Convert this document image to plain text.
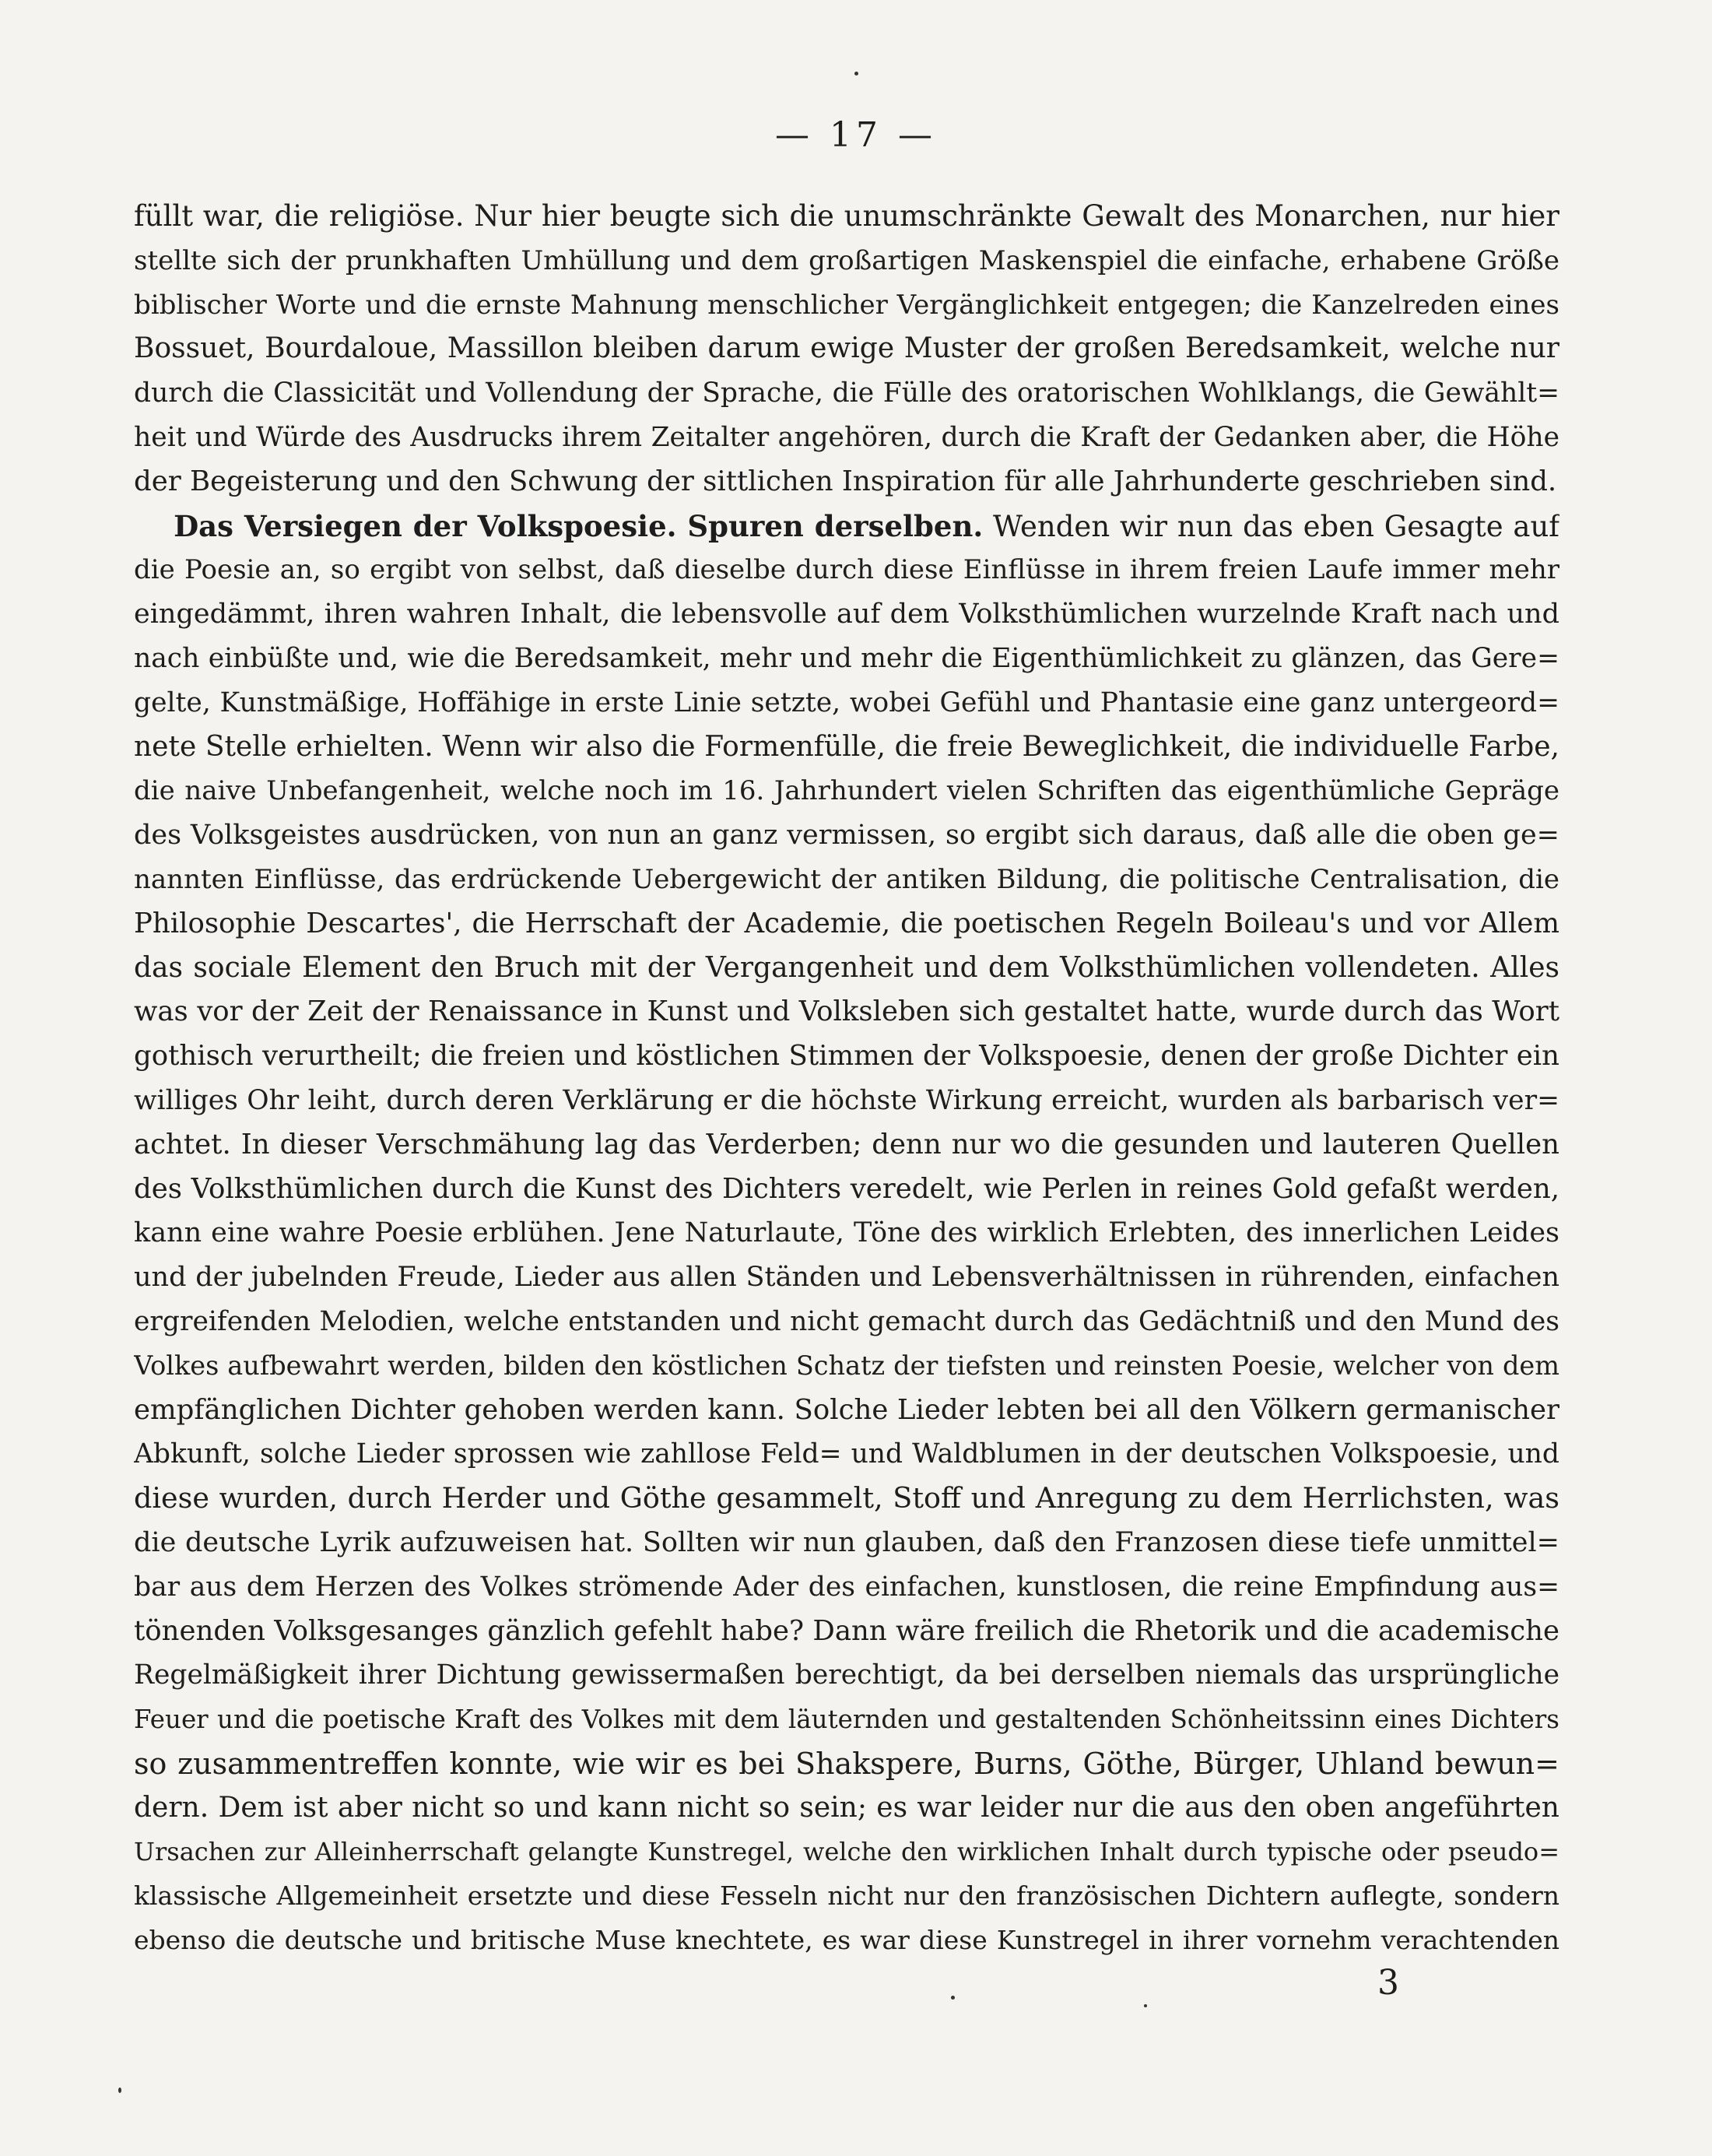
— 17 —
füllt war, die religiöse. Nur hier beugte sich die unumschränkte Gewalt des Monarchen, nur hier
stellte sich der prunkhaften Umhüllung und dem großartigen Maskenspiel die einfache, erhabene Größe
biblischer Worte und die ernste Mahnung menschlicher Vergänglichkeit entgegen; die Kanzelreden eines
Bossuet, Bourdaloue, Massillon bleiben darum ewige Muster der großen Beredsamkeit, welche nur
durch die Classicität und Vollendung der Sprache, die Fülle des oratorischen Wohlklangs, die Gewählt=
heit und Würde des Ausdrucks ihrem Zeitalter angehören, durch die Kraft der Gedanken aber, die Höhe
der Begeisterung und den Schwung der sittlichen Inspiration für alle Jahrhunderte geschrieben sind.
Das Versiegen der Volkspoesie. Spuren derselben. Wenden wir nun das eben Gesagte auf
die Poesie an, so ergibt von selbst, daß dieselbe durch diese Einflüsse in ihrem freien Laufe immer mehr
eingedämmt, ihren wahren Inhalt, die lebensvolle auf dem Volksthümlichen wurzelnde Kraft nach und
nach einbüßte und, wie die Beredsamkeit, mehr und mehr die Eigenthümlichkeit zu glänzen, das Gere=
gelte, Kunstmäßige, Hoffähige in erste Linie setzte, wobei Gefühl und Phantasie eine ganz untergeord=
nete Stelle erhielten. Wenn wir also die Formenfülle, die freie Beweglichkeit, die individuelle Farbe,
die naive Unbefangenheit, welche noch im 16. Jahrhundert vielen Schriften das eigenthümliche Gepräge
des Volksgeistes ausdrücken, von nun an ganz vermissen, so ergibt sich daraus, daß alle die oben ge=
nannten Einflüsse, das erdrückende Uebergewicht der antiken Bildung, die politische Centralisation, die
Philosophie Descartes', die Herrschaft der Academie, die poetischen Regeln Boileau's und vor Allem
das sociale Element den Bruch mit der Vergangenheit und dem Volksthümlichen vollendeten. Alles
was vor der Zeit der Renaissance in Kunst und Volksleben sich gestaltet hatte, wurde durch das Wort
gothisch verurtheilt; die freien und köstlichen Stimmen der Volkspoesie, denen der große Dichter ein
williges Ohr leiht, durch deren Verklärung er die höchste Wirkung erreicht, wurden als barbarisch ver=
achtet. In dieser Verschmähung lag das Verderben; denn nur wo die gesunden und lauteren Quellen
des Volksthümlichen durch die Kunst des Dichters veredelt, wie Perlen in reines Gold gefaßt werden,
kann eine wahre Poesie erblühen. Jene Naturlaute, Töne des wirklich Erlebten, des innerlichen Leides
und der jubelnden Freude, Lieder aus allen Ständen und Lebensverhältnissen in rührenden, einfachen
ergreifenden Melodien, welche entstanden und nicht gemacht durch das Gedächtniß und den Mund des
Volkes aufbewahrt werden, bilden den köstlichen Schatz der tiefsten und reinsten Poesie, welcher von dem
empfänglichen Dichter gehoben werden kann. Solche Lieder lebten bei all den Völkern germanischer
Abkunft, solche Lieder sprossen wie zahllose Feld= und Waldblumen in der deutschen Volkspoesie, und
diese wurden, durch Herder und Göthe gesammelt, Stoff und Anregung zu dem Herrlichsten, was
die deutsche Lyrik aufzuweisen hat. Sollten wir nun glauben, daß den Franzosen diese tiefe unmittel=
bar aus dem Herzen des Volkes strömende Ader des einfachen, kunstlosen, die reine Empfindung aus=
tönenden Volksgesanges gänzlich gefehlt habe? Dann wäre freilich die Rhetorik und die academische
Regelmäßigkeit ihrer Dichtung gewissermaßen berechtigt, da bei derselben niemals das ursprüngliche
Feuer und die poetische Kraft des Volkes mit dem läuternden und gestaltenden Schönheitssinn eines Dichters
so zusammentreffen konnte, wie wir es bei Shakspere, Burns, Göthe, Bürger, Uhland bewun=
dern. Dem ist aber nicht so und kann nicht so sein; es war leider nur die aus den oben angeführten
Ursachen zur Alleinherrschaft gelangte Kunstregel, welche den wirklichen Inhalt durch typische oder pseudo=
klassische Allgemeinheit ersetzte und diese Fesseln nicht nur den französischen Dichtern auflegte, sondern
ebenso die deutsche und britische Muse knechtete, es war diese Kunstregel in ihrer vornehm verachtenden
3
